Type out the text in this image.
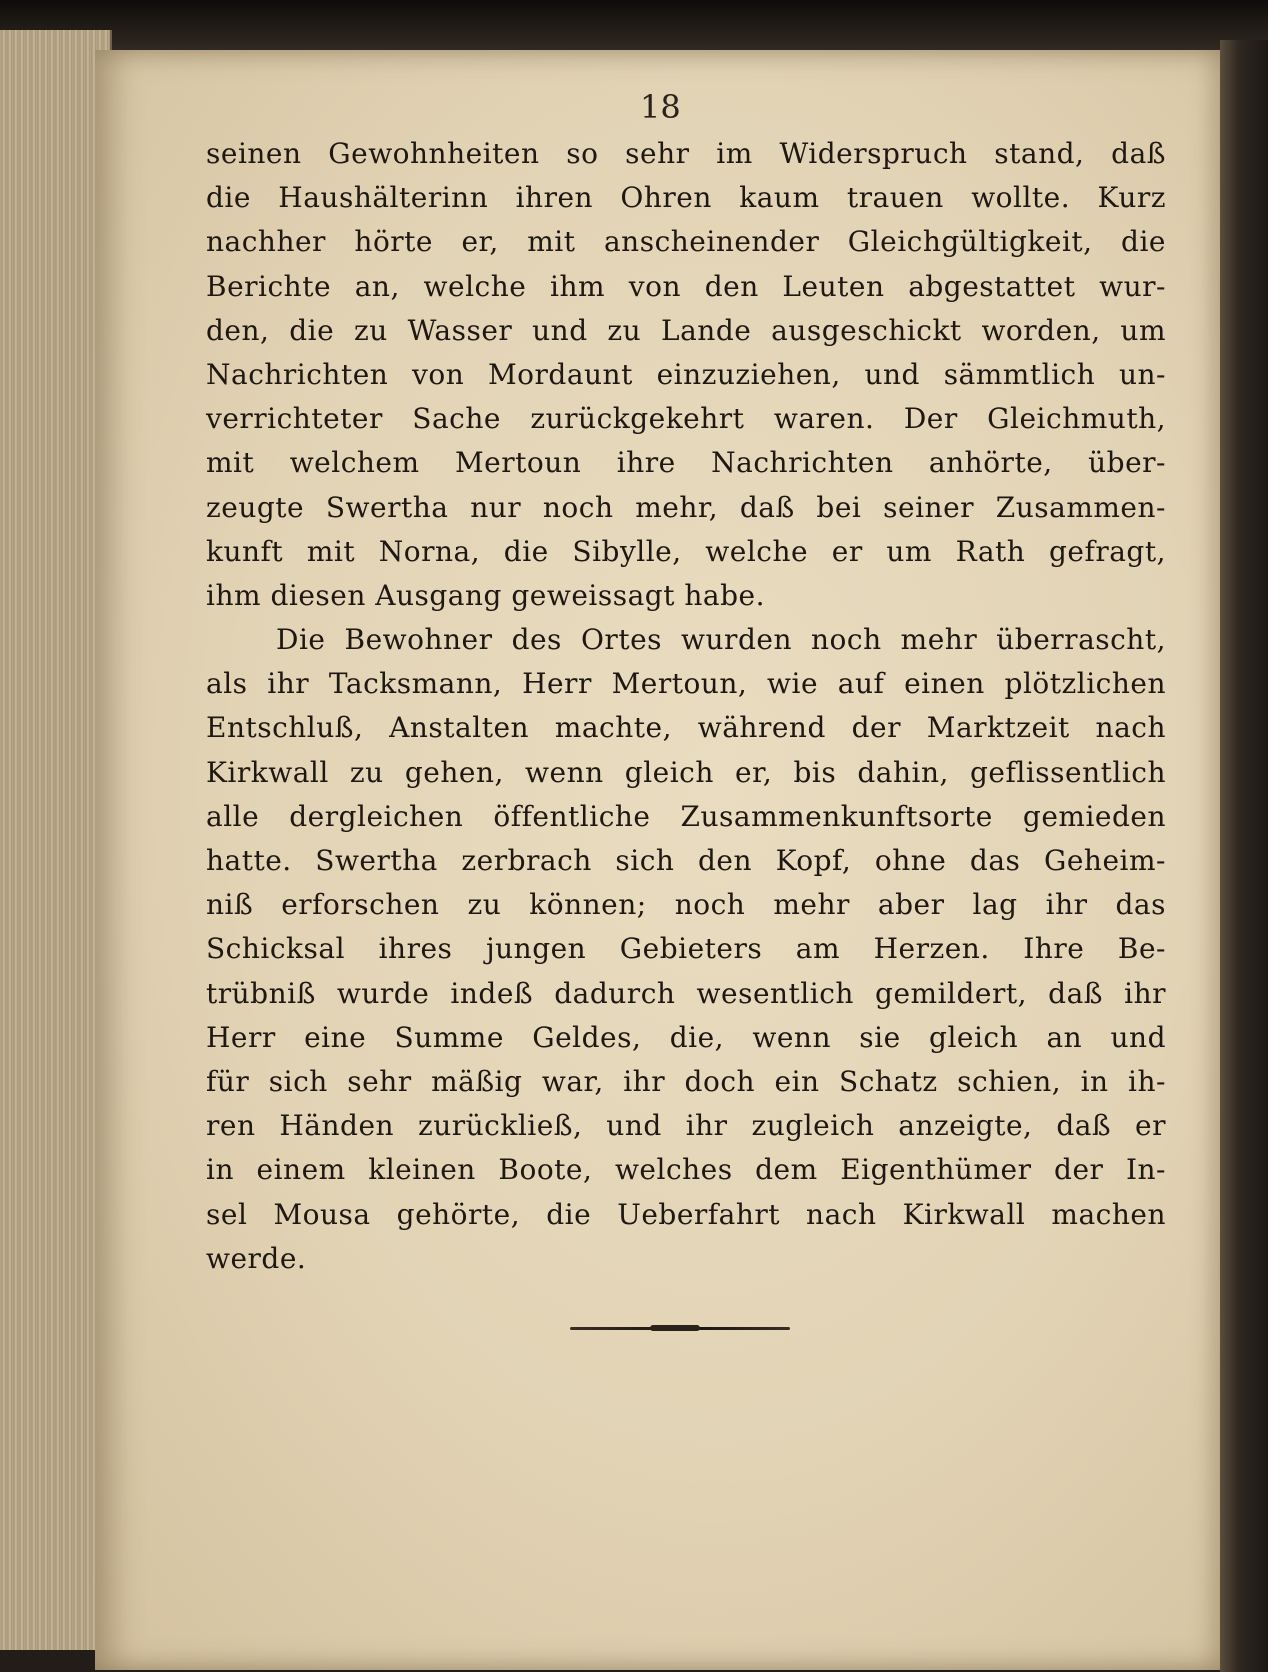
18
seinen Gewohnheiten so sehr im Widerspruch stand, daß
die Haushälterinn ihren Ohren kaum trauen wollte. Kurz
nachher hörte er, mit anscheinender Gleichgültigkeit, die
Berichte an, welche ihm von den Leuten abgestattet wur-
den, die zu Wasser und zu Lande ausgeschickt worden, um
Nachrichten von Mordaunt einzuziehen, und sämmtlich un-
verrichteter Sache zurückgekehrt waren. Der Gleichmuth,
mit welchem Mertoun ihre Nachrichten anhörte, über-
zeugte Swertha nur noch mehr, daß bei seiner Zusammen-
kunft mit Norna, die Sibylle, welche er um Rath gefragt,
ihm diesen Ausgang geweissagt habe.
Die Bewohner des Ortes wurden noch mehr überrascht,
als ihr Tacksmann, Herr Mertoun, wie auf einen plötzlichen
Entschluß, Anstalten machte, während der Marktzeit nach
Kirkwall zu gehen, wenn gleich er, bis dahin, geflissentlich
alle dergleichen öffentliche Zusammenkunftsorte gemieden
hatte. Swertha zerbrach sich den Kopf, ohne das Geheim-
niß erforschen zu können; noch mehr aber lag ihr das
Schicksal ihres jungen Gebieters am Herzen. Ihre Be-
trübniß wurde indeß dadurch wesentlich gemildert, daß ihr
Herr eine Summe Geldes, die, wenn sie gleich an und
für sich sehr mäßig war, ihr doch ein Schatz schien, in ih-
ren Händen zurückließ, und ihr zugleich anzeigte, daß er
in einem kleinen Boote, welches dem Eigenthümer der In-
sel Mousa gehörte, die Ueberfahrt nach Kirkwall machen
werde.
